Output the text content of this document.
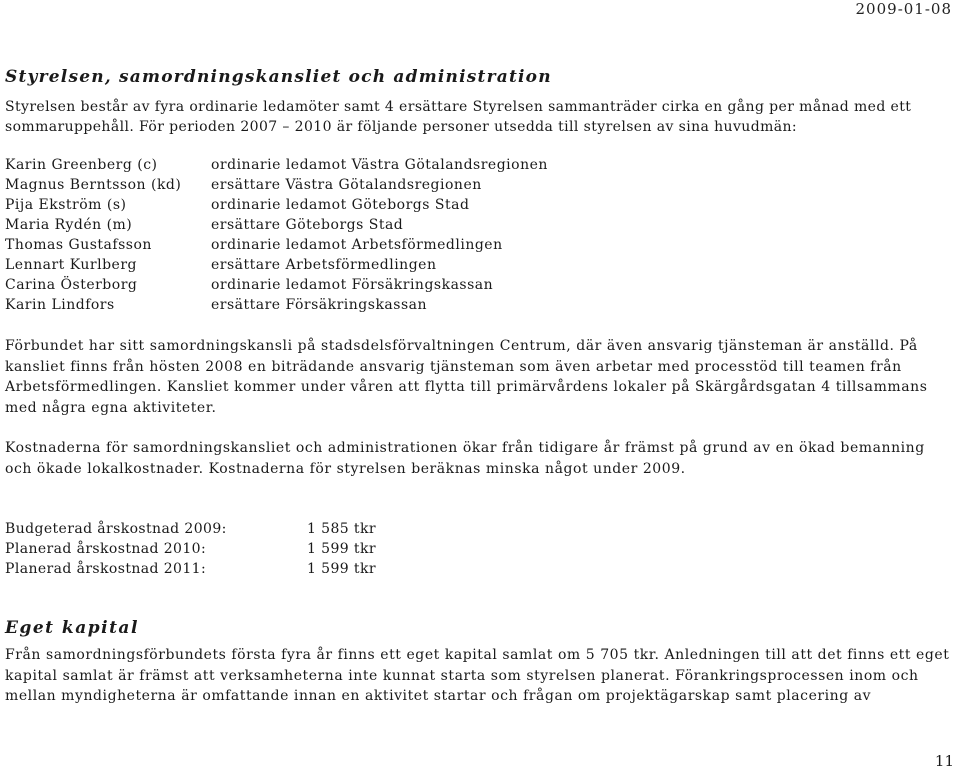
2009-01-08
Styrelsen, samordningskansliet och administration
Styrelsen består av fyra ordinarie ledamöter samt 4 ersättare Styrelsen sammanträder cirka en gång per månad med ett sommaruppehåll. För perioden 2007 – 2010 är följande personer utsedda till styrelsen av sina huvudmän:
Karin Greenberg (c)	ordinarie ledamot Västra Götalandsregionen
Magnus Berntsson (kd)	ersättare Västra Götalandsregionen
Pija Ekström (s)	ordinarie ledamot Göteborgs Stad
Maria Rydén (m)	ersättare Göteborgs Stad
Thomas Gustafsson	ordinarie ledamot Arbetsförmedlingen
Lennart Kurlberg	ersättare Arbetsförmedlingen
Carina Österborg	ordinarie ledamot Försäkringskassan
Karin Lindfors	ersättare Försäkringskassan
Förbundet har sitt samordningskansli på stadsdelsförvaltningen Centrum, där även ansvarig tjänsteman är anställd. På kansliet finns från hösten 2008 en biträdande ansvarig tjänsteman som även arbetar med processtöd till teamen från Arbetsförmedlingen. Kansliet kommer under våren att flytta till primärvårdens lokaler på Skärgårdsgatan 4 tillsammans med några egna aktiviteter.
Kostnaderna för samordningskansliet och administrationen ökar från tidigare år främst på grund av en ökad bemanning och ökade lokalkostnader. Kostnaderna för styrelsen beräknas minska något under 2009.
Budgeterad årskostnad 2009:	1 585 tkr
Planerad årskostnad 2010:	1 599 tkr
Planerad årskostnad 2011:	1 599 tkr
Eget kapital
Från samordningsförbundets första fyra år finns ett eget kapital samlat om 5 705 tkr. Anledningen till att det finns ett eget kapital samlat är främst att verksamheterna inte kunnat starta som styrelsen planerat. Förankringsprocessen inom och mellan myndigheterna är omfattande innan en aktivitet startar och frågan om projektägarskap samt placering av
11
